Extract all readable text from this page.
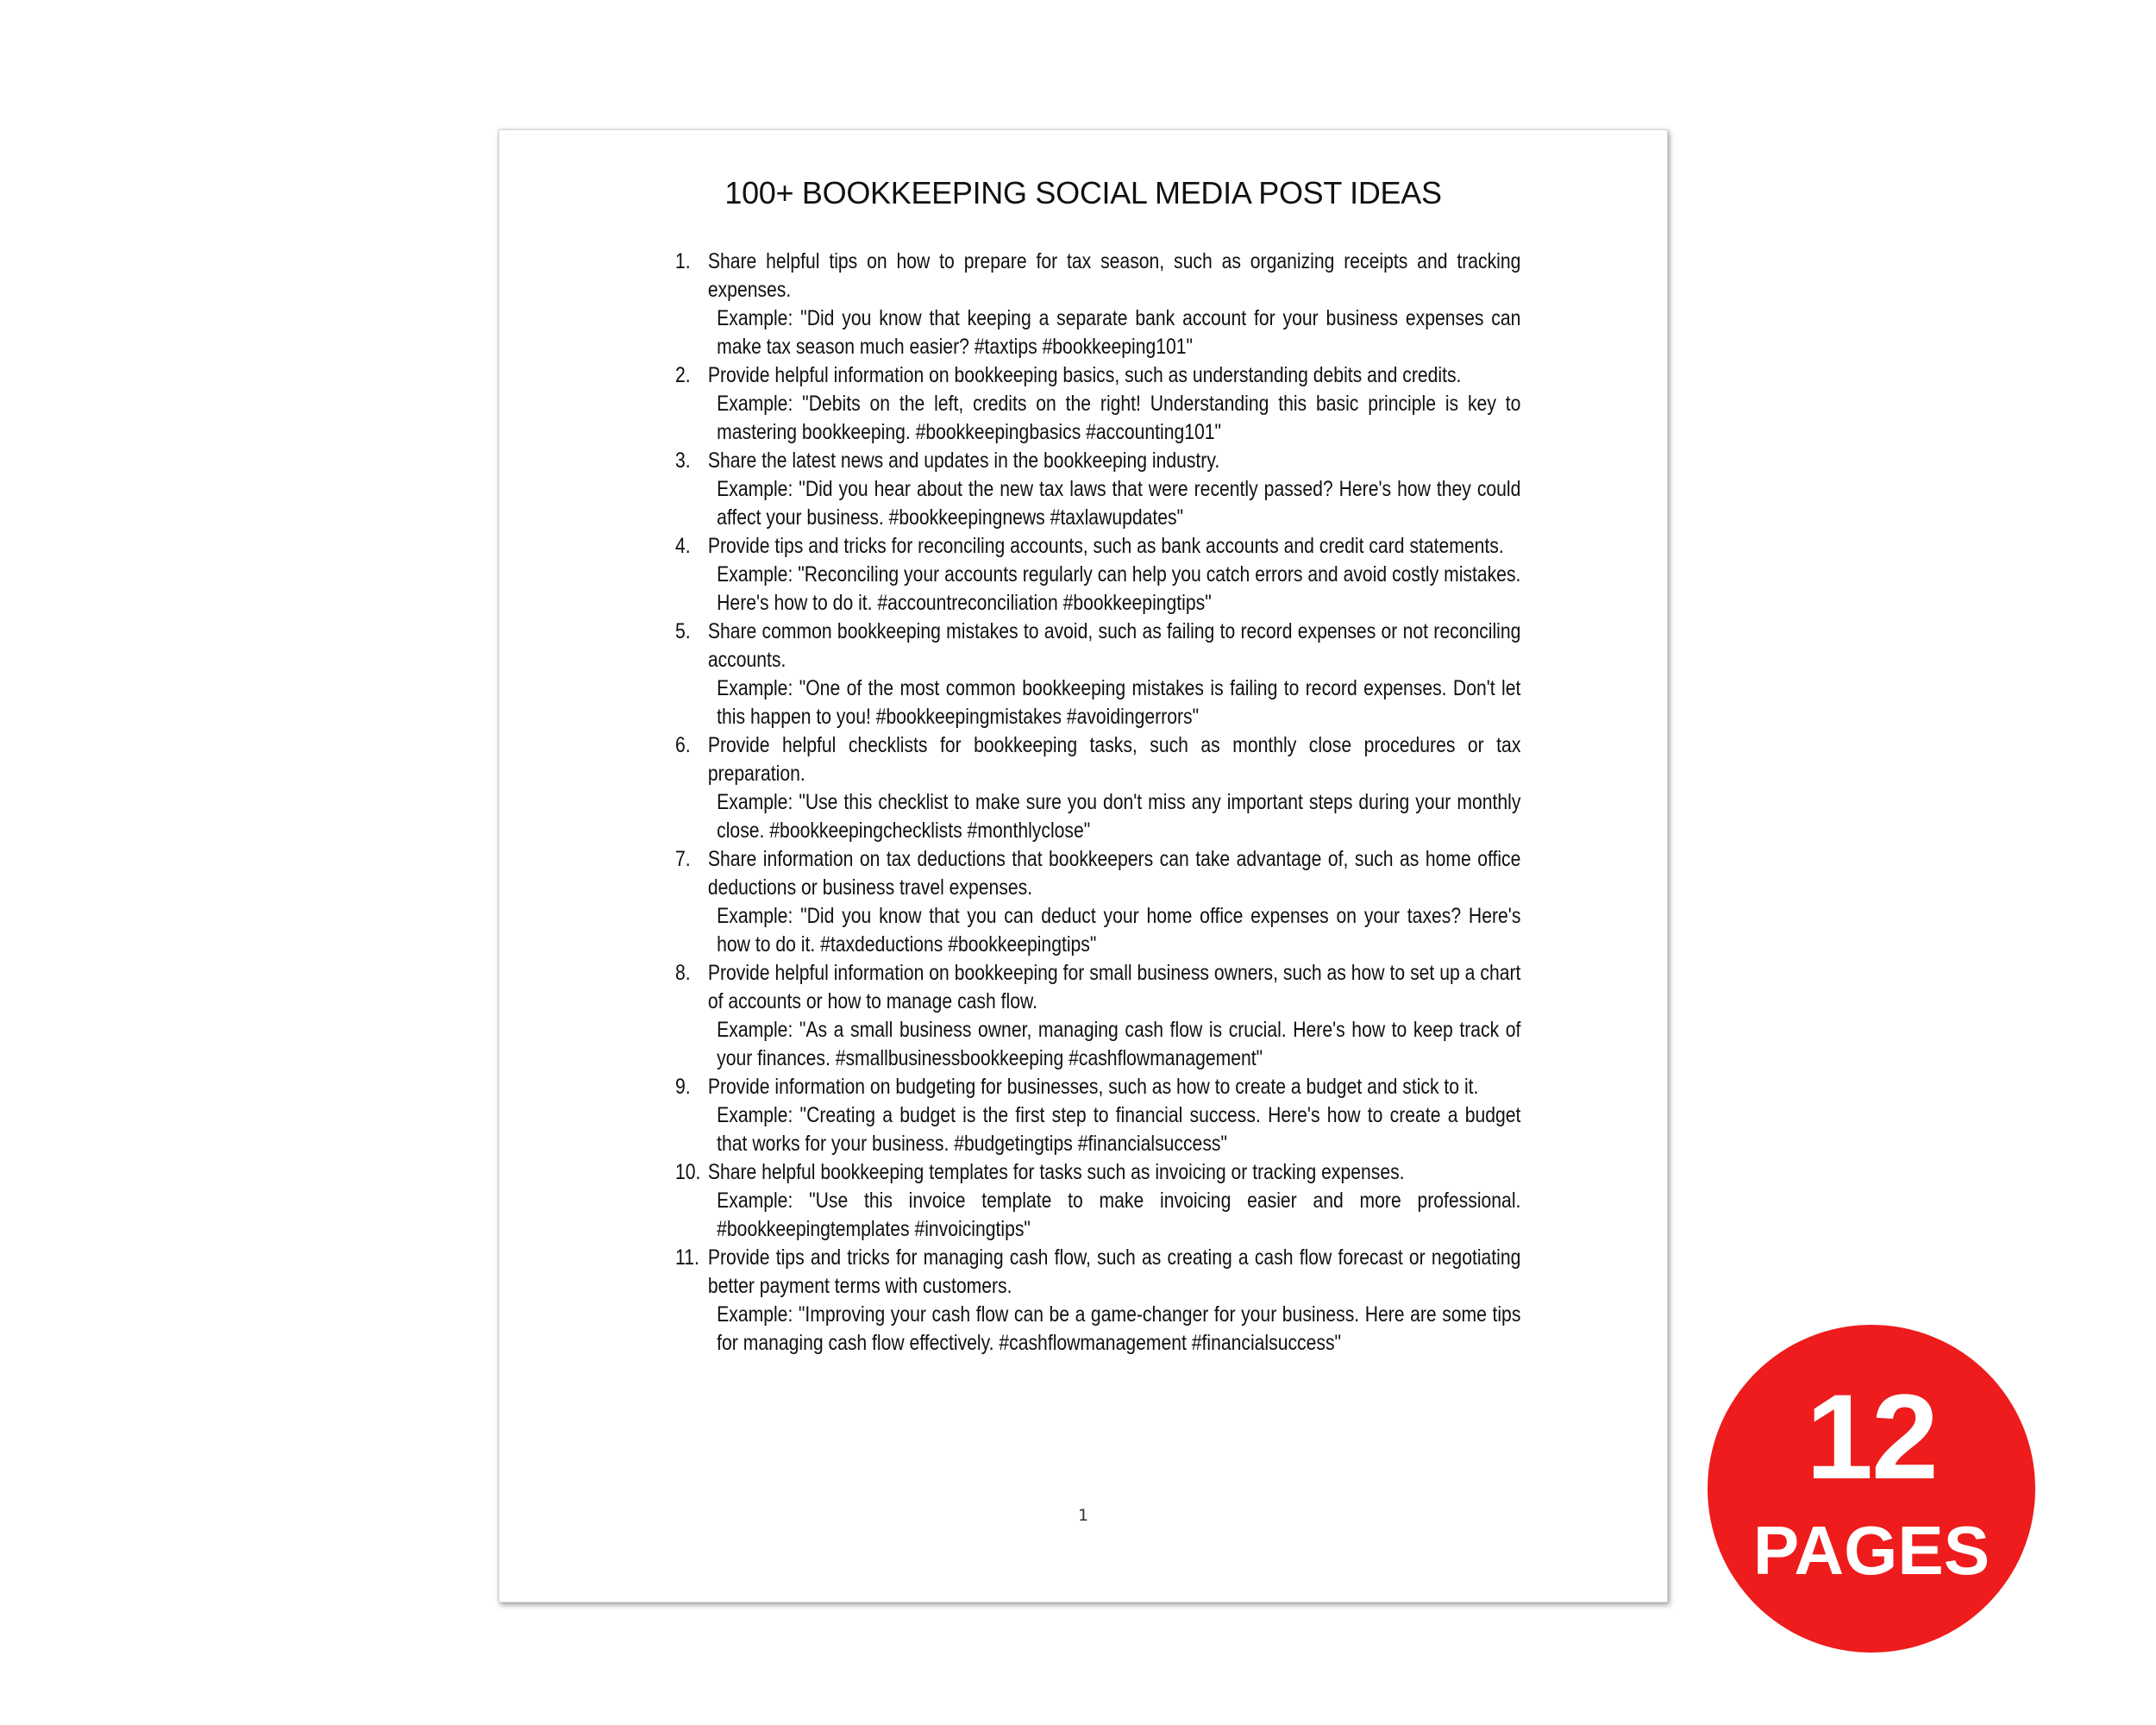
100+ BOOKKEEPING SOCIAL MEDIA POST IDEAS
1. Share helpful tips on how to prepare for tax season, such as organizing receipts and tracking expenses.
Example: "Did you know that keeping a separate bank account for your business expenses can make tax season much easier? #taxtips #bookkeeping101"
2. Provide helpful information on bookkeeping basics, such as understanding debits and credits.
Example: "Debits on the left, credits on the right! Understanding this basic principle is key to mastering bookkeeping. #bookkeepingbasics #accounting101"
3. Share the latest news and updates in the bookkeeping industry.
Example: "Did you hear about the new tax laws that were recently passed? Here's how they could affect your business. #bookkeepingnews #taxlawupdates"
4. Provide tips and tricks for reconciling accounts, such as bank accounts and credit card statements.
Example: "Reconciling your accounts regularly can help you catch errors and avoid costly mistakes. Here's how to do it. #accountreconciliation #bookkeepingtips"
5. Share common bookkeeping mistakes to avoid, such as failing to record expenses or not reconciling accounts.
Example: "One of the most common bookkeeping mistakes is failing to record expenses. Don't let this happen to you! #bookkeepingmistakes #avoidingerrors"
6. Provide helpful checklists for bookkeeping tasks, such as monthly close procedures or tax preparation.
Example: "Use this checklist to make sure you don't miss any important steps during your monthly close. #bookkeepingchecklists #monthlyclose"
7. Share information on tax deductions that bookkeepers can take advantage of, such as home office deductions or business travel expenses.
Example: "Did you know that you can deduct your home office expenses on your taxes? Here's how to do it. #taxdeductions #bookkeepingtips"
8. Provide helpful information on bookkeeping for small business owners, such as how to set up a chart of accounts or how to manage cash flow.
Example: "As a small business owner, managing cash flow is crucial. Here's how to keep track of your finances. #smallbusinessbookkeeping #cashflowmanagement"
9. Provide information on budgeting for businesses, such as how to create a budget and stick to it.
Example: "Creating a budget is the first step to financial success. Here's how to create a budget that works for your business. #budgetingtips #financialsuccess"
10. Share helpful bookkeeping templates for tasks such as invoicing or tracking expenses.
Example: "Use this invoice template to make invoicing easier and more professional. #bookkeepingtemplates #invoicingtips"
11. Provide tips and tricks for managing cash flow, such as creating a cash flow forecast or negotiating better payment terms with customers.
Example: "Improving your cash flow can be a game-changer for your business. Here are some tips for managing cash flow effectively. #cashflowmanagement #financialsuccess"
1
12
PAGES
